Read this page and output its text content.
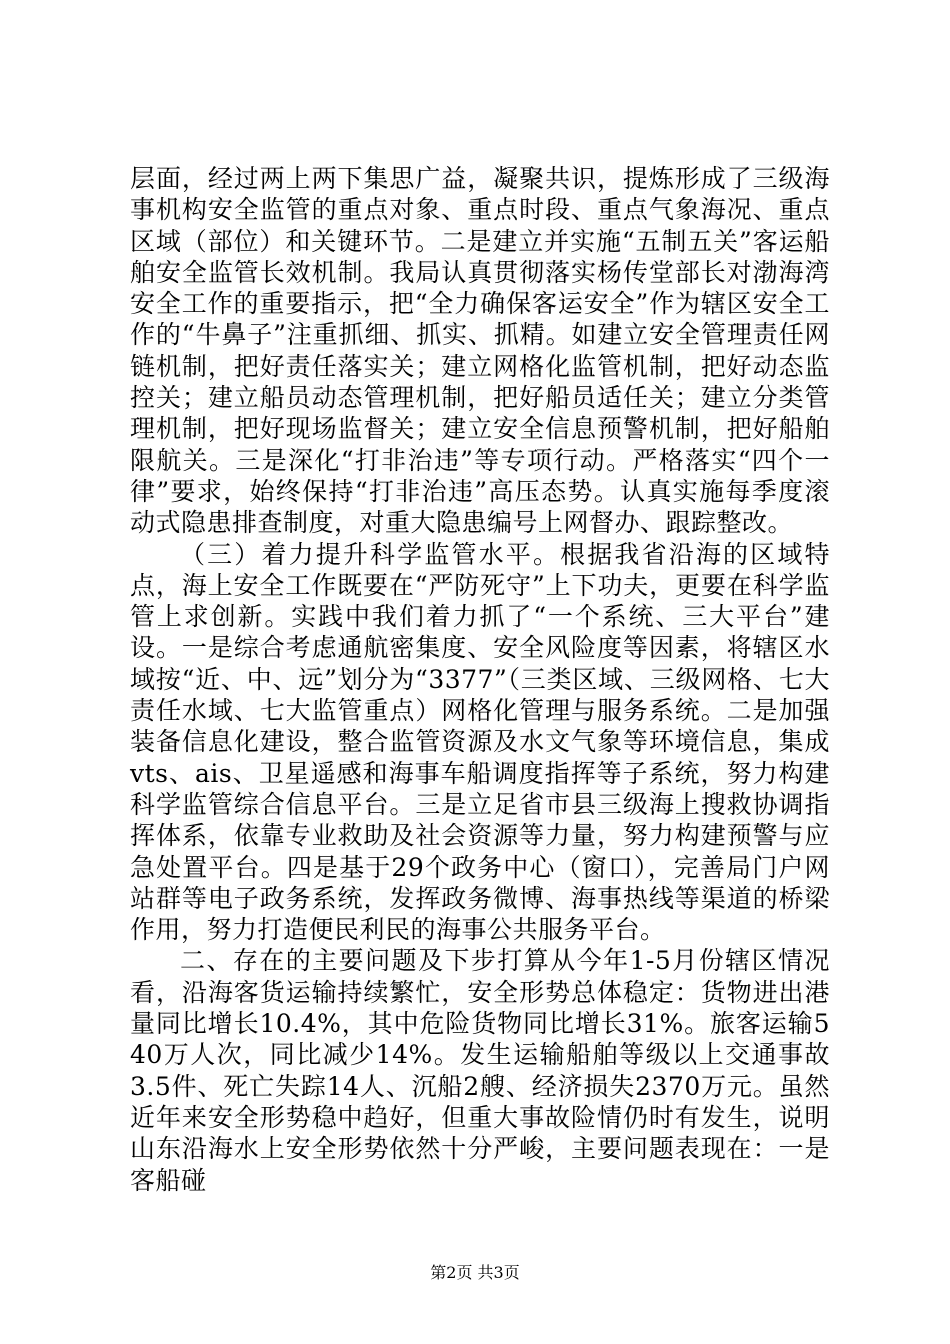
层面，经过两上两下集思广益，凝聚共识，提炼形成了三级海事机构安全监管的重点对象、重点时段、重点气象海况、重点区域（部位）和关键环节。二是建立并实施“五制五关”客运船舶安全监管长效机制。我局认真贯彻落实杨传堂部长对渤海湾安全工作的重要指示，把“全力确保客运安全”作为辖区安全工作的“牛鼻子”注重抓细、抓实、抓精。如建立安全管理责任网链机制，把好责任落实关；建立网格化监管机制，把好动态监控关；建立船员动态管理机制，把好船员适任关；建立分类管理机制，把好现场监督关；建立安全信息预警机制，把好船舶限航关。三是深化“打非治违”等专项行动。严格落实“四个一律”要求，始终保持“打非治违”高压态势。认真实施每季度滚动式隐患排查制度，对重大隐患编号上网督办、跟踪整改。

（三）着力提升科学监管水平。根据我省沿海的区域特点，海上安全工作既要在“严防死守”上下功夫，更要在科学监管上求创新。实践中我们着力抓了“一个系统、三大平台”建设。一是综合考虑通航密集度、安全风险度等因素，将辖区水域按“近、中、远”划分为“3377”（三类区域、三级网格、七大责任水域、七大监管重点）网格化管理与服务系统。二是加强装备信息化建设，整合监管资源及水文气象等环境信息，集成vts、ais、卫星遥感和海事车船调度指挥等子系统，努力构建科学监管综合信息平台。三是立足省市县三级海上搜救协调指挥体系，依靠专业救助及社会资源等力量，努力构建预警与应急处置平台。四是基于29个政务中心（窗口），完善局门户网站群等电子政务系统，发挥政务微博、海事热线等渠道的桥梁作用，努力打造便民利民的海事公共服务平台。

二、存在的主要问题及下步打算从今年1-5月份辖区情况看，沿海客货运输持续繁忙，安全形势总体稳定：货物进出港量同比增长10.4%，其中危险货物同比增长31%。旅客运输540万人次，同比减少14%。发生运输船舶等级以上交通事故3.5件、死亡失踪14人、沉船2艘、经济损失2370万元。虽然近年来安全形势稳中趋好，但重大事故险情仍时有发生，说明山东沿海水上安全形势依然十分严峻，主要问题表现在：一是客船碰

第2页 共3页
